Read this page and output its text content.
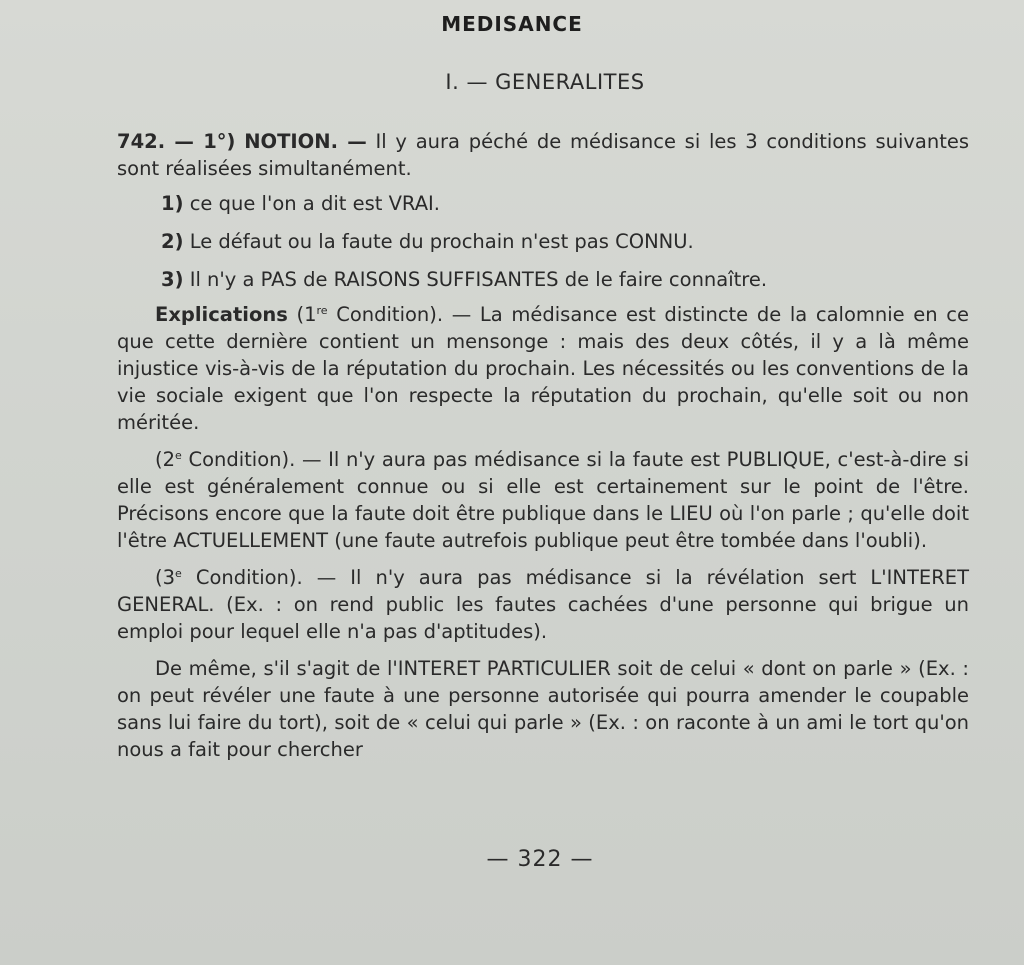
MEDISANCE
I. — GENERALITES

742. — 1°) NOTION. — Il y aura péché de médisance si les 3 conditions suivantes sont réalisées simultanément.

1) ce que l'on a dit est VRAI.
2) Le défaut ou la faute du prochain n'est pas CONNU.
3) Il n'y a PAS de RAISONS SUFFISANTES de le faire connaître.

Explications (1re Condition). — La médisance est distincte de la calomnie en ce que cette dernière contient un mensonge : mais des deux côtés, il y a là même injustice vis-à-vis de la réputation du prochain. Les nécessités ou les conventions de la vie sociale exigent que l'on respecte la réputation du prochain, qu'elle soit ou non méritée.

(2e Condition). — Il n'y aura pas médisance si la faute est PUBLIQUE, c'est-à-dire si elle est généralement connue ou si elle est certainement sur le point de l'être. Précisons encore que la faute doit être publique dans le LIEU où l'on parle ; qu'elle doit l'être ACTUELLEMENT (une faute autrefois publique peut être tombée dans l'oubli).

(3e Condition). — Il n'y aura pas médisance si la révélation sert L'INTERET GENERAL. (Ex. : on rend public les fautes cachées d'une personne qui brigue un emploi pour lequel elle n'a pas d'aptitudes).

De même, s'il s'agit de l'INTERET PARTICULIER soit de celui « dont on parle » (Ex. : on peut révéler une faute à une personne autorisée qui pourra amender le coupable sans lui faire du tort), soit de « celui qui parle » (Ex. : on raconte à un ami le tort qu'on nous a fait pour chercher

— 322 —
